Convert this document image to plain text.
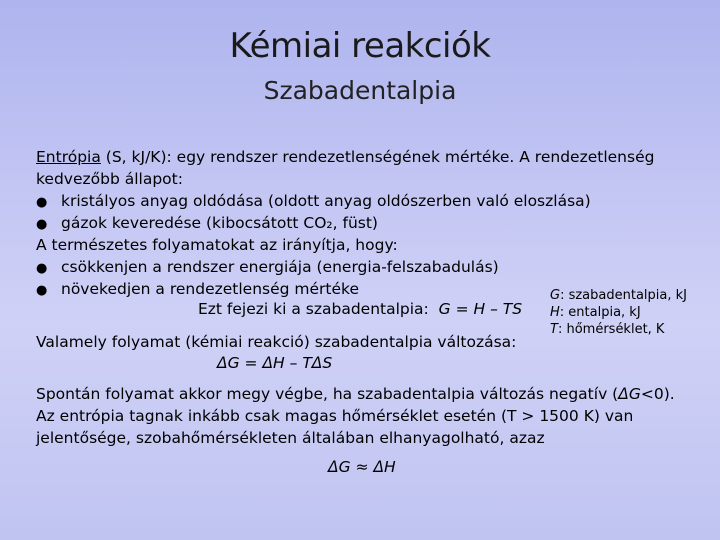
Kémiai reakciók
Szabadentalpia
Entrópia (S, kJ/K): egy rendszer rendezetlenségének mértéke. A rendezetlenség
kedvezőbb állapot:
● kristályos anyag oldódása (oldott anyag oldószerben való eloszlása)
● gázok keveredése (kibocsátott CO₂, füst)
A természetes folyamatokat az irányítja, hogy:
● csökkenjen a rendszer energiája (energia-felszabadulás)
● növekedjen a rendezetlenség mértéke
Ezt fejezi ki a szabadentalpia: G = H – TS
G: szabadentalpia, kJ
H: entalpia, kJ
T: hőmérséklet, K
Valamely folyamat (kémiai reakció) szabadentalpia változása:
ΔG = ΔH – TΔS
Spontán folyamat akkor megy végbe, ha szabadentalpia változás negatív (ΔG<0).
Az entrópia tagnak inkább csak magas hőmérséklet esetén (T > 1500 K) van
jelentősége, szobahőmérsékleten általában elhanyagolható, azaz
ΔG ≈ ΔH
